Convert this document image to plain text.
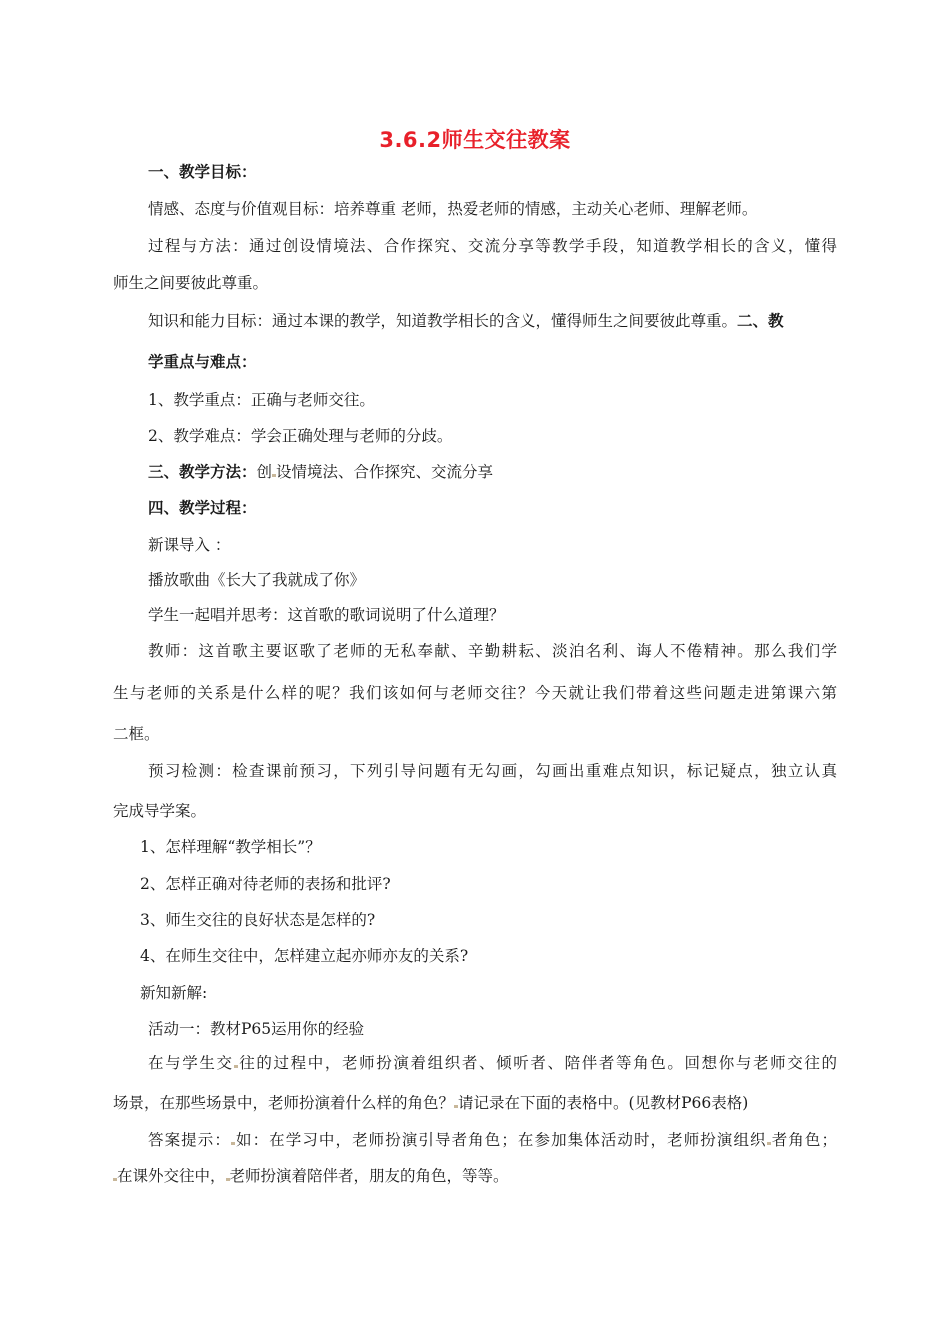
3.6.2师生交往教案
一、教学目标：
情感、态度与价值观目标：培养尊重 老师，热爱老师的情感，主动关心老师、理解老师。
过程与方法：通过创设情境法、合作探究、交流分享等教学手段，知道教学相长的含义，懂得
师生之间要彼此尊重。
知识和能力目标：通过本课的教学，知道教学相长的含义，懂得师生之间要彼此尊重。二、教
学重点与难点：
1、教学重点：正确与老师交往。
2、教学难点：学会正确处理与老师的分歧。
三、教学方法：创 设情境法、合作探究、交流分享
四、教学过程：
新课导入 ：
播放歌曲《长大了我就成了你》
学生一起唱并思考：这首歌的歌词说明了什么道理？
教师：这首歌主要讴歌了老师的无私奉献、辛勤耕耘、淡泊名利、诲人不倦精神。那么我们学
生与老师的关系是什么样的呢？我们该如何与老师交往？今天就让我们带着这些问题走进第课六第
二框。
预习检测：检查课前预习，下列引导问题有无勾画，勾画出重难点知识，标记疑点，独立认真
完成导学案。
1、怎样理解“教学相长”？
2、怎样正确对待老师的表扬和批评?
3、师生交往的良好状态是怎样的?
4、在师生交往中，怎样建立起亦师亦友的关系?
新知新解:
活动一：教材P65运用你的经验
在与学生交 往的过程中，老师扮演着组织者、倾听者、陪伴者等角色。回想你与老师交往的
场景，在那些场景中，老师扮演着什么样的角色？ 请记录在下面的表格中。(见教材P66表格)
答案提示： 如：在学习中，老师扮演引导者角色；在参加集体活动时，老师扮演组织 者角色；
在课外交往中， 老师扮演着陪伴者，朋友的角色，等等。
